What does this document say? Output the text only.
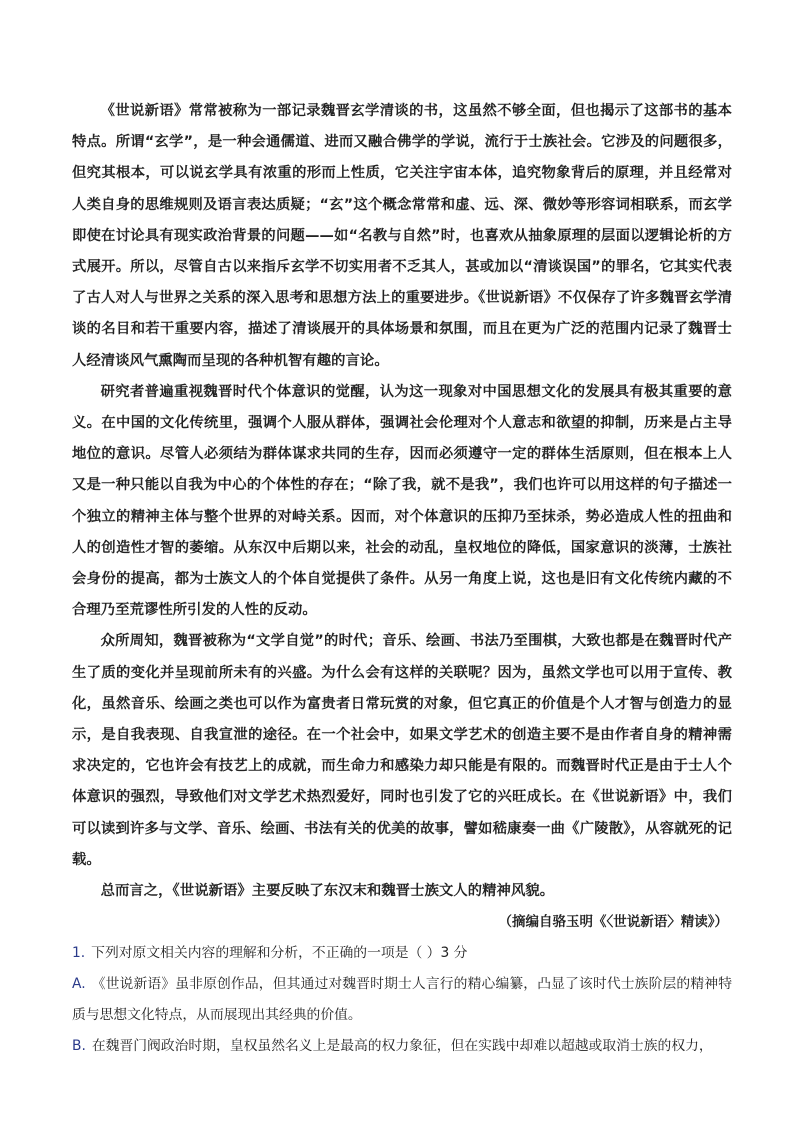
《世说新语》常常被称为一部记录魏晋玄学清谈的书，这虽然不够全面，但也揭示了这部书的基本特点。所谓“玄学”，是一种会通儒道、进而又融合佛学的学说，流行于士族社会。它涉及的问题很多，但究其根本，可以说玄学具有浓重的形而上性质，它关注宇宙本体，追究物象背后的原理，并且经常对人类自身的思维规则及语言表达质疑；“玄”这个概念常常和虚、远、深、微妙等形容词相联系，而玄学即使在讨论具有现实政治背景的问题——如“名教与自然”时，也喜欢从抽象原理的层面以逻辑论析的方式展开。所以，尽管自古以来指斥玄学不切实用者不乏其人，甚或加以“清谈误国”的罪名，它其实代表了古人对人与世界之关系的深入思考和思想方法上的重要进步。《世说新语》不仅保存了许多魏晋玄学清谈的名目和若干重要内容，描述了清谈展开的具体场景和氛围，而且在更为广泛的范围内记录了魏晋士人经清谈风气熏陶而呈现的各种机智有趣的言论。

研究者普遍重视魏晋时代个体意识的觉醒，认为这一现象对中国思想文化的发展具有极其重要的意义。在中国的文化传统里，强调个人服从群体，强调社会伦理对个人意志和欲望的抑制，历来是占主导地位的意识。尽管人必须结为群体谋求共同的生存，因而必须遵守一定的群体生活原则，但在根本上人又是一种只能以自我为中心的个体性的存在；“除了我，就不是我”，我们也许可以用这样的句子描述一个独立的精神主体与整个世界的对峙关系。因而，对个体意识的压抑乃至抹杀，势必造成人性的扭曲和人的创造性才智的萎缩。从东汉中后期以来，社会的动乱，皇权地位的降低，国家意识的淡薄，士族社会身份的提高，都为士族文人的个体自觉提供了条件。从另一角度上说，这也是旧有文化传统内藏的不合理乃至荒谬性所引发的人性的反动。

众所周知，魏晋被称为“文学自觉”的时代；音乐、绘画、书法乃至围棋，大致也都是在魏晋时代产生了质的变化并呈现前所未有的兴盛。为什么会有这样的关联呢？因为，虽然文学也可以用于宣传、教化，虽然音乐、绘画之类也可以作为富贵者日常玩赏的对象，但它真正的价值是个人才智与创造力的显示，是自我表现、自我宣泄的途径。在一个社会中，如果文学艺术的创造主要不是由作者自身的精神需求决定的，它也许会有技艺上的成就，而生命力和感染力却只能是有限的。而魏晋时代正是由于士人个体意识的强烈，导致他们对文学艺术热烈爱好，同时也引发了它的兴旺成长。在《世说新语》中，我们可以读到许多与文学、音乐、绘画、书法有关的优美的故事，譬如嵇康奏一曲《广陵散》，从容就死的记载。

总而言之，《世说新语》主要反映了东汉末和魏晋士族文人的精神风貌。

（摘编自骆玉明《〈世说新语〉精读》）

1. 下列对原文相关内容的理解和分析，不正确的一项是（ ）3 分

A. 《世说新语》虽非原创作品，但其通过对魏晋时期士人言行的精心编纂，凸显了该时代士族阶层的精神特质与思想文化特点，从而展现出其经典的价值。

B. 在魏晋门阀政治时期，皇权虽然名义上是最高的权力象征，但在实践中却难以超越或取消士族的权力，
